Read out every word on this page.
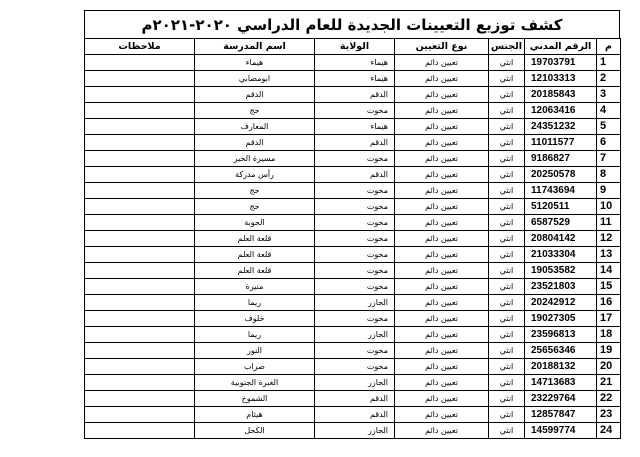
كشف توزيع التعيينات الجديدة للعام الدراسي ٢٠٢٠-٢٠٢١م
م	الرقم المدني	الجنس	نوع التعيين	الولاية	اسم المدرسة	ملاحظات
1	19703791	انثي	تعيين دائم	هيماء	هيماء	
2	12103313	انثي	تعيين دائم	هيماء	ابومضابي	
3	20185843	انثي	تعيين دائم	الدقم	الدقم	
4	12063416	انثي	تعيين دائم	محوت	حج	
5	24351232	انثي	تعيين دائم	هيماء	المعارف	
6	11011577	انثي	تعيين دائم	الدقم	الدقم	
7	9186827	انثي	تعيين دائم	محوت	مسيرة الخير	
8	20250578	انثي	تعيين دائم	الدقم	رأس مدركة	
9	11743694	انثي	تعيين دائم	محوت	حج	
10	5120511	انثي	تعيين دائم	محوت	حج	
11	6587529	انثي	تعيين دائم	محوت	الجوبة	
12	20804142	انثي	تعيين دائم	محوت	قلعة العلم	
13	21033304	انثي	تعيين دائم	محوت	قلعة العلم	
14	19053582	انثي	تعيين دائم	محوت	قلعة العلم	
15	23521803	انثي	تعيين دائم	محوت	منيرة	
16	20242912	انثي	تعيين دائم	الجازر	ريما	
17	19027305	انثي	تعيين دائم	محوت	خلوف	
18	23596813	انثي	تعيين دائم	الجازر	ريما	
19	25656346	انثي	تعيين دائم	محوت	النور	
20	20188132	انثي	تعيين دائم	محوت	صراب	
21	14713683	انثي	تعيين دائم	الجازر	الغبرة الجنوبية	
22	23229764	انثي	تعيين دائم	الدقم	الشموخ	
23	12857847	انثي	تعيين دائم	الدقم	هيثام	
24	14599774	انثي	تعيين دائم	الجازر	الكحل	
